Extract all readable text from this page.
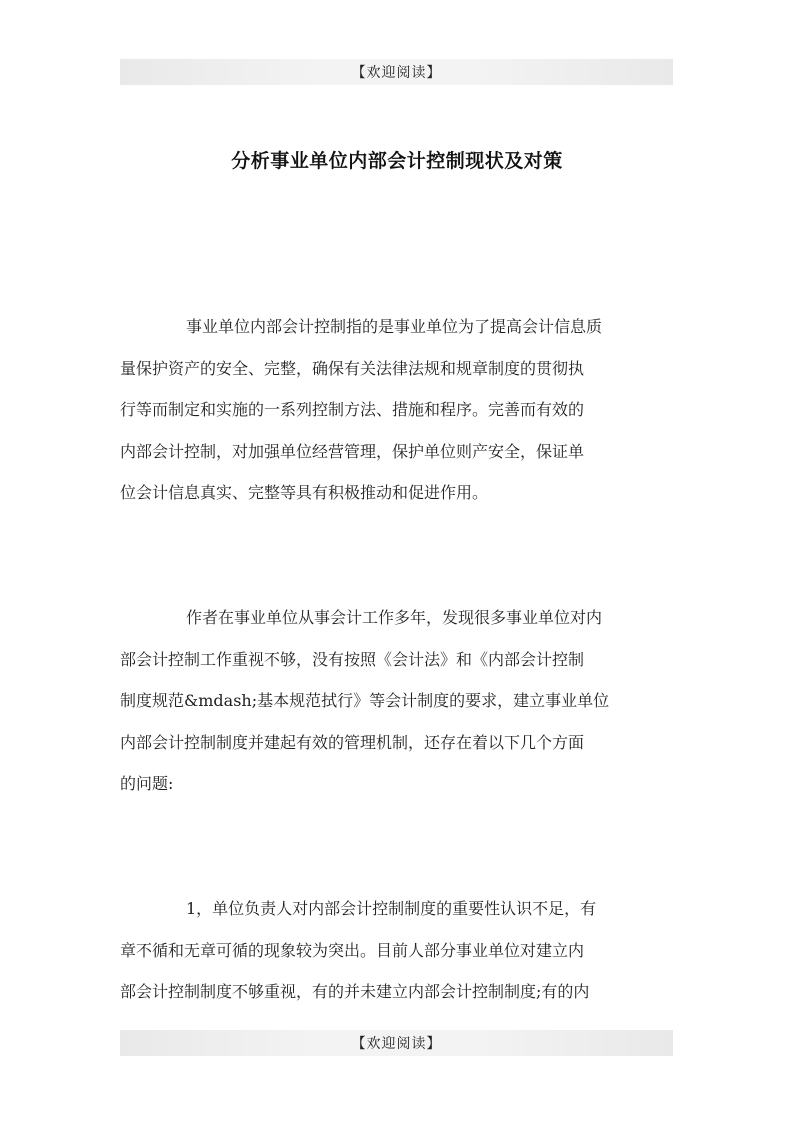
【欢迎阅读】
分析事业单位内部会计控制现状及对策

事业单位内部会计控制指的是事业单位为了提高会计信息质
量保护资产的安全、完整，确保有关法律法规和规章制度的贯彻执
行等而制定和实施的一系列控制方法、措施和程序。完善而有效的
内部会计控制，对加强单位经营管理，保护单位则产安全，保证单
位会计信息真实、完整等具有积极推动和促进作用。

作者在事业单位从事会计工作多年，发现很多事业单位对内
部会计控制工作重视不够，没有按照《会计法》和《内部会计控制
制度规范&mdash;基本规范拭行》等会计制度的要求，建立事业单位
内部会计控制制度并建起有效的管理机制，还存在着以下几个方面
的问题:

1，单位负责人对内部会计控制制度的重要性认识不足，有
章不循和无章可循的现象较为突出。目前人部分事业单位对建立内
部会计控制制度不够重视，有的并未建立内部会计控制制度;有的内

【欢迎阅读】
